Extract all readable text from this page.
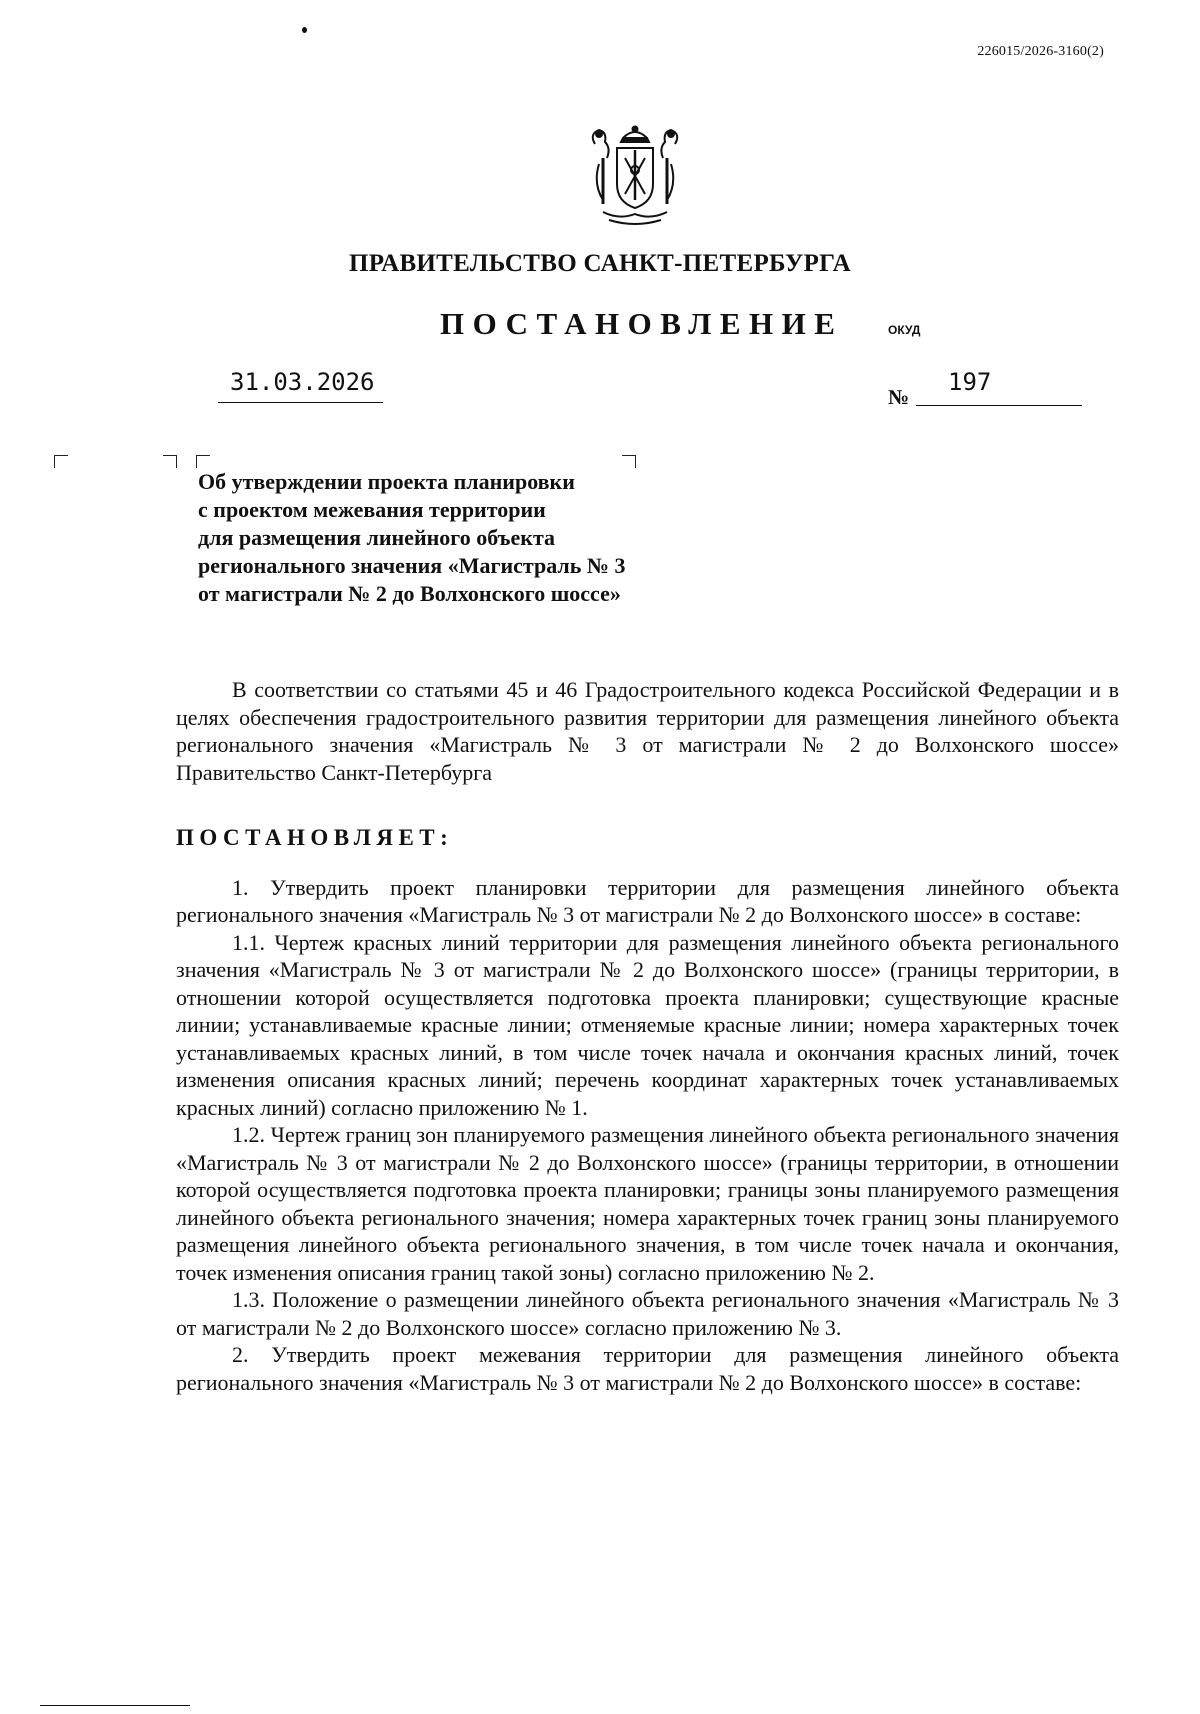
226015/2026-3160(2)
ПРАВИТЕЛЬСТВО САНКТ-ПЕТЕРБУРГА
ПОСТАНОВЛЕНИЕ	ОКУД
31.03.2026
№
197
Об утверждении проекта планировки
с проектом межевания территории
для размещения линейного объекта
регионального значения «Магистраль № 3
от магистрали № 2 до Волхонского шоссе»

В соответствии со статьями 45 и 46 Градостроительного кодекса Российской Федерации и в целях обеспечения градостроительного развития территории для размещения линейного объекта регионального значения «Магистраль № 3 от магистрали № 2 до Волхонского шоссе» Правительство Санкт-Петербурга

ПОСТАНОВЛЯЕТ:

1. Утвердить проект планировки территории для размещения линейного объекта регионального значения «Магистраль № 3 от магистрали № 2 до Волхонского шоссе» в составе:

1.1. Чертеж красных линий территории для размещения линейного объекта регионального значения «Магистраль № 3 от магистрали № 2 до Волхонского шоссе» (границы территории, в отношении которой осуществляется подготовка проекта планировки; существующие красные линии; устанавливаемые красные линии; отменяемые красные линии; номера характерных точек устанавливаемых красных линий, в том числе точек начала и окончания красных линий, точек изменения описания красных линий; перечень координат характерных точек устанавливаемых красных линий) согласно приложению № 1.

1.2. Чертеж границ зон планируемого размещения линейного объекта регионального значения «Магистраль № 3 от магистрали № 2 до Волхонского шоссе» (границы территории, в отношении которой осуществляется подготовка проекта планировки; границы зоны планируемого размещения линейного объекта регионального значения; номера характерных точек границ зоны планируемого размещения линейного объекта регионального значения, в том числе точек начала и окончания, точек изменения описания границ такой зоны) согласно приложению № 2.

1.3. Положение о размещении линейного объекта регионального значения «Магистраль № 3 от магистрали № 2 до Волхонского шоссе» согласно приложению № 3.

2. Утвердить проект межевания территории для размещения линейного объекта регионального значения «Магистраль № 3 от магистрали № 2 до Волхонского шоссе» в составе:
